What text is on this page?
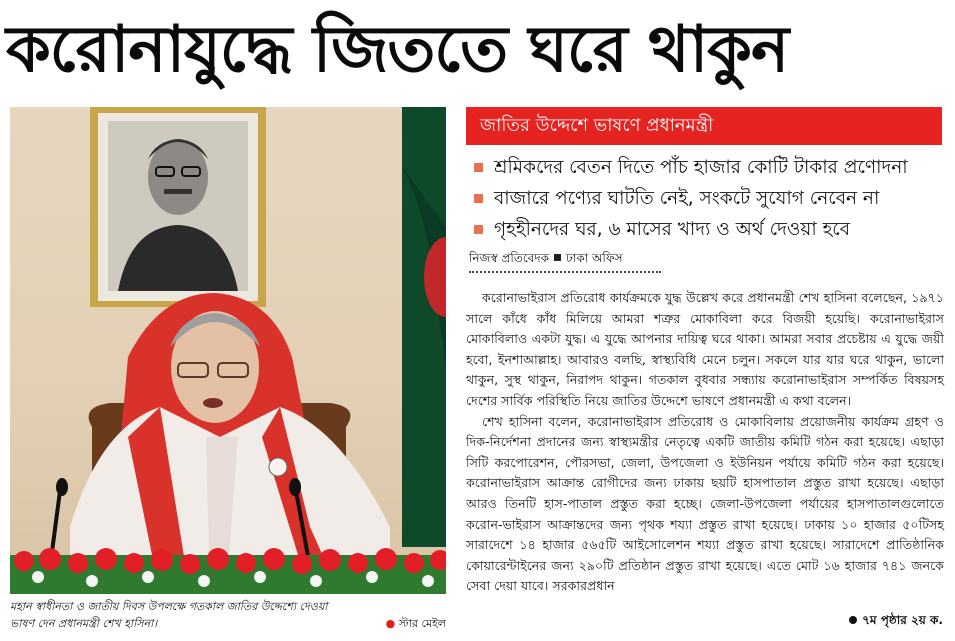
করোনাযুদ্ধে জিততে ঘরে থাকুন
মহান স্বাধীনতা ও জাতীয় দিবস উপলক্ষে গতকাল জাতির উদ্দেশ্যে দেওয়া
ভাষণ দেন প্রধানমন্ত্রী শেখ হাসিনা।	● স্টার মেইল
জাতির উদ্দেশে ভাষণে প্রধানমন্ত্রী
শ্রমিকদের বেতন দিতে পাঁচ হাজার কোটি টাকার প্রণোদনা
বাজারে পণ্যের ঘাটতি নেই, সংকটে সুযোগ নেবেন না
গৃহহীনদের ঘর, ৬ মাসের খাদ্য ও অর্থ দেওয়া হবে
নিজস্ব প্রতিবেদক ঢাকা অফিস

করোনাভাইরাস প্রতিরোধ কার্যক্রমকে যুদ্ধ উল্লেখ করে প্রধানমন্ত্রী শেখ হাসিনা বলেছেন, ১৯৭১ সালে কাঁধে কাঁধ মিলিয়ে আমরা শত্রুর মোকাবিলা করে বিজয়ী হয়েছি। করোনাভাইরাস মোকাবিলাও একটা যুদ্ধ। এ যুদ্ধে আপনার দায়িত্ব ঘরে থাকা। আমরা সবার প্রচেষ্টায় এ যুদ্ধে জয়ী হবো, ইনশাআল্লাহ। আবারও বলছি, স্বাস্থ্যবিধি মেনে চলুন। সকলে যার যার ঘরে থাকুন, ভালো থাকুন, সুস্থ থাকুন, নিরাপদ থাকুন। গতকাল বুধবার সন্ধ্যায় করোনাভাইরাস সম্পর্কিত বিষয়সহ দেশের সার্বিক পরিস্থিতি নিয়ে জাতির উদ্দেশে ভাষণে প্রধানমন্ত্রী এ কথা বলেন।

শেখ হাসিনা বলেন, করোনাভাইরাস প্রতিরোধ ও মোকাবিলায় প্রয়োজনীয় কার্যক্রম গ্রহণ ও দিক-নির্দেশনা প্রদানের জন্য স্বাস্থ্যমন্ত্রীর নেতৃত্বে একটি জাতীয় কমিটি গঠন করা হয়েছে। এছাড়া সিটি করপোরেশন, পৌরসভা, জেলা, উপজেলা ও ইউনিয়ন পর্যায়ে কমিটি গঠন করা হয়েছে। করোনাভাইরাস আক্রান্ত রোগীদের জন্য ঢাকায় ছয়টি হাসপাতাল প্রস্তুত রাখা হয়েছে। এছাড়া আরও তিনটি হাস-পাতাল প্রস্তুত করা হচ্ছে। জেলা-উপজেলা পর্যায়ের হাসপাতালগুলোতে করোন-ভাইরাস আক্রান্তদের জন্য পৃথক শয্যা প্রস্তুত রাখা হয়েছে। ঢাকায় ১০ হাজার ৫০টিসহ সারাদেশে ১৪ হাজার ৫৬৫টি আইসোলেশন শয্যা প্রস্তুত রাখা হয়েছে। সারাদেশে প্রাতিষ্ঠানিক কোয়ারেন্টাইনের জন্য ২৯০টি প্রতিষ্ঠান প্রস্তুত রাখা হয়েছে। এতে মোট ১৬ হাজার ৭৪১ জনকে সেবা দেয়া যাবে। সরকারপ্রধান

৭ম পৃষ্ঠার ২য় ক.
